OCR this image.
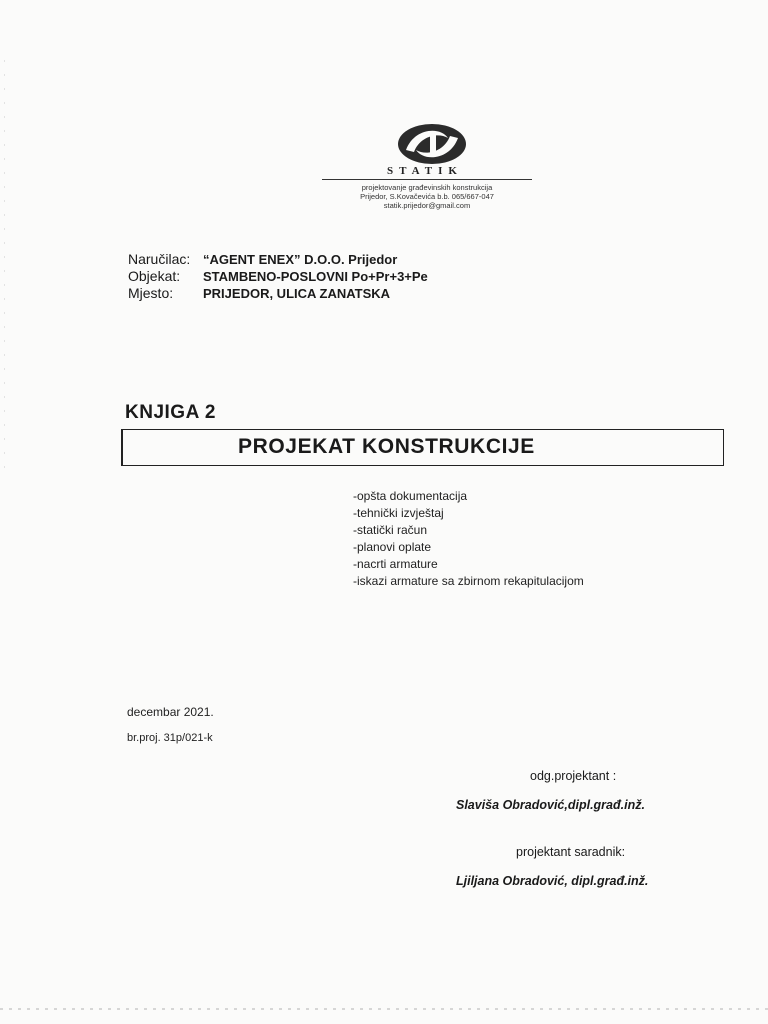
STATIK
projektovanje građevinskih konstrukcija
Prijedor, S.Kovačevića b.b. 065/667-047
statik.prijedor@gmail.com
Naručilac: “AGENT ENEX” D.O.O. Prijedor
Objekat:	STAMBENO-POSLOVNI Po+Pr+3+Pe
Mjesto:	PRIJEDOR, ULICA ZANATSKA
KNJIGA 2
PROJEKAT KONSTRUKCIJE
-opšta dokumentacija
-tehnički izvještaj
-statički račun
-planovi oplate
-nacrti armature
-iskazi armature sa zbirnom rekapitulacijom
decembar 2021.
br.proj. 31p/021-k
odg.projektant :
Slaviša Obradović,dipl.građ.inž.
projektant saradnik:
Ljiljana Obradović, dipl.građ.inž.
